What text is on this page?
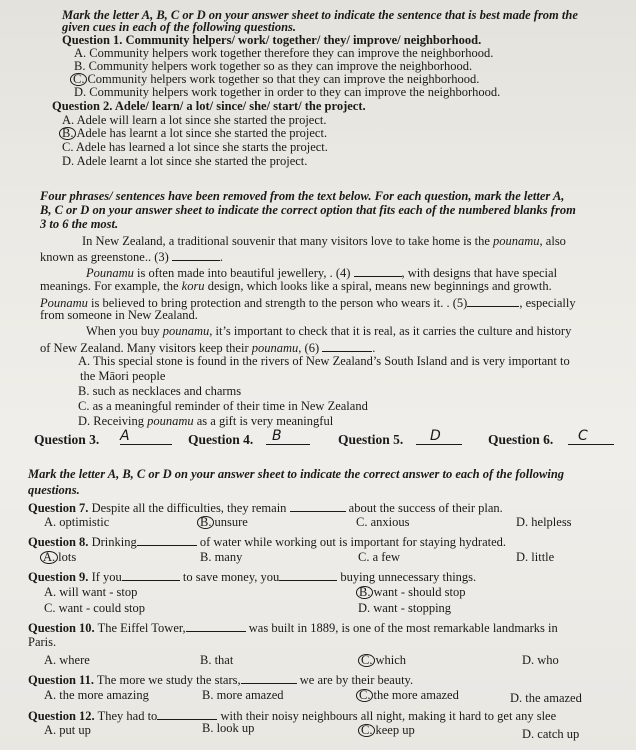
Mark the letter A, B, C or D on your answer sheet to indicate the sentence that is best made from the
given cues in each of the following questions.
Question 1. Community helpers/ work/ together/ they/ improve/ neighborhood.
A. Community helpers work together therefore they can improve the neighborhood.
B. Community helpers work together so as they can improve the neighborhood.
C. Community helpers work together so that they can improve the neighborhood.
D. Community helpers work together in order to they can improve the neighborhood.
Question 2. Adele/ learn/ a lot/ since/ she/ start/ the project.
A. Adele will learn a lot since she started the project.
B. Adele has learnt a lot since she started the project.
C. Adele has learned a lot since she starts the project.
D. Adele learnt a lot since she started the project.
Four phrases/ sentences have been removed from the text below. For each question, mark the letter A,
B, C or D on your answer sheet to indicate the correct option that fits each of the numbered blanks from
3 to 6 the most.
In New Zealand, a traditional souvenir that many visitors love to take home is the pounamu, also
known as greenstone.. (3)	.
Pounamu is often made into beautiful jewellery, . (4)	, with designs that have special
meanings. For example, the koru design, which looks like a spiral, means new beginnings and growth.
Pounamu is believed to bring protection and strength to the person who wears it. . (5)	, especially
from someone in New Zealand.
When you buy pounamu, it’s important to check that it is real, as it carries the culture and history
of New Zealand. Many visitors keep their pounamu, (6)	.
A. This special stone is found in the rivers of New Zealand’s South Island and is very important to
the Māori people
B. such as necklaces and charms
C. as a meaningful reminder of their time in New Zealand
D. Receiving pounamu as a gift is very meaningful
Question 3. A	Question 4. B	Question 5. D	Question 6. C
Mark the letter A, B, C or D on your answer sheet to indicate the correct answer to each of the following
questions.
Question 7. Despite all the difficulties, they remain	about the success of their plan.
A. optimistic	B. unsure	C. anxious	D. helpless
Question 8. Drinking	of water while working out is important for staying hydrated.
A. lots	B. many	C. a few	D. little
Question 9. If you	to save money, you	buying unnecessary things.
A. will want - stop	B. want - should stop
C. want - could stop	D. want - stopping
Question 10. The Eiffel Tower,	was built in 1889, is one of the most remarkable landmarks in
Paris.
A. where	B. that	C. which	D. who
Question 11. The more we study the stars,	we are by their beauty.
A. the more amazing	B. more amazed	C. the more amazed	D. the amazed
Question 12. They had to	with their noisy neighbours all night, making it hard to get any slee
A. put up	B. look up	C. keep up	D. catch up
